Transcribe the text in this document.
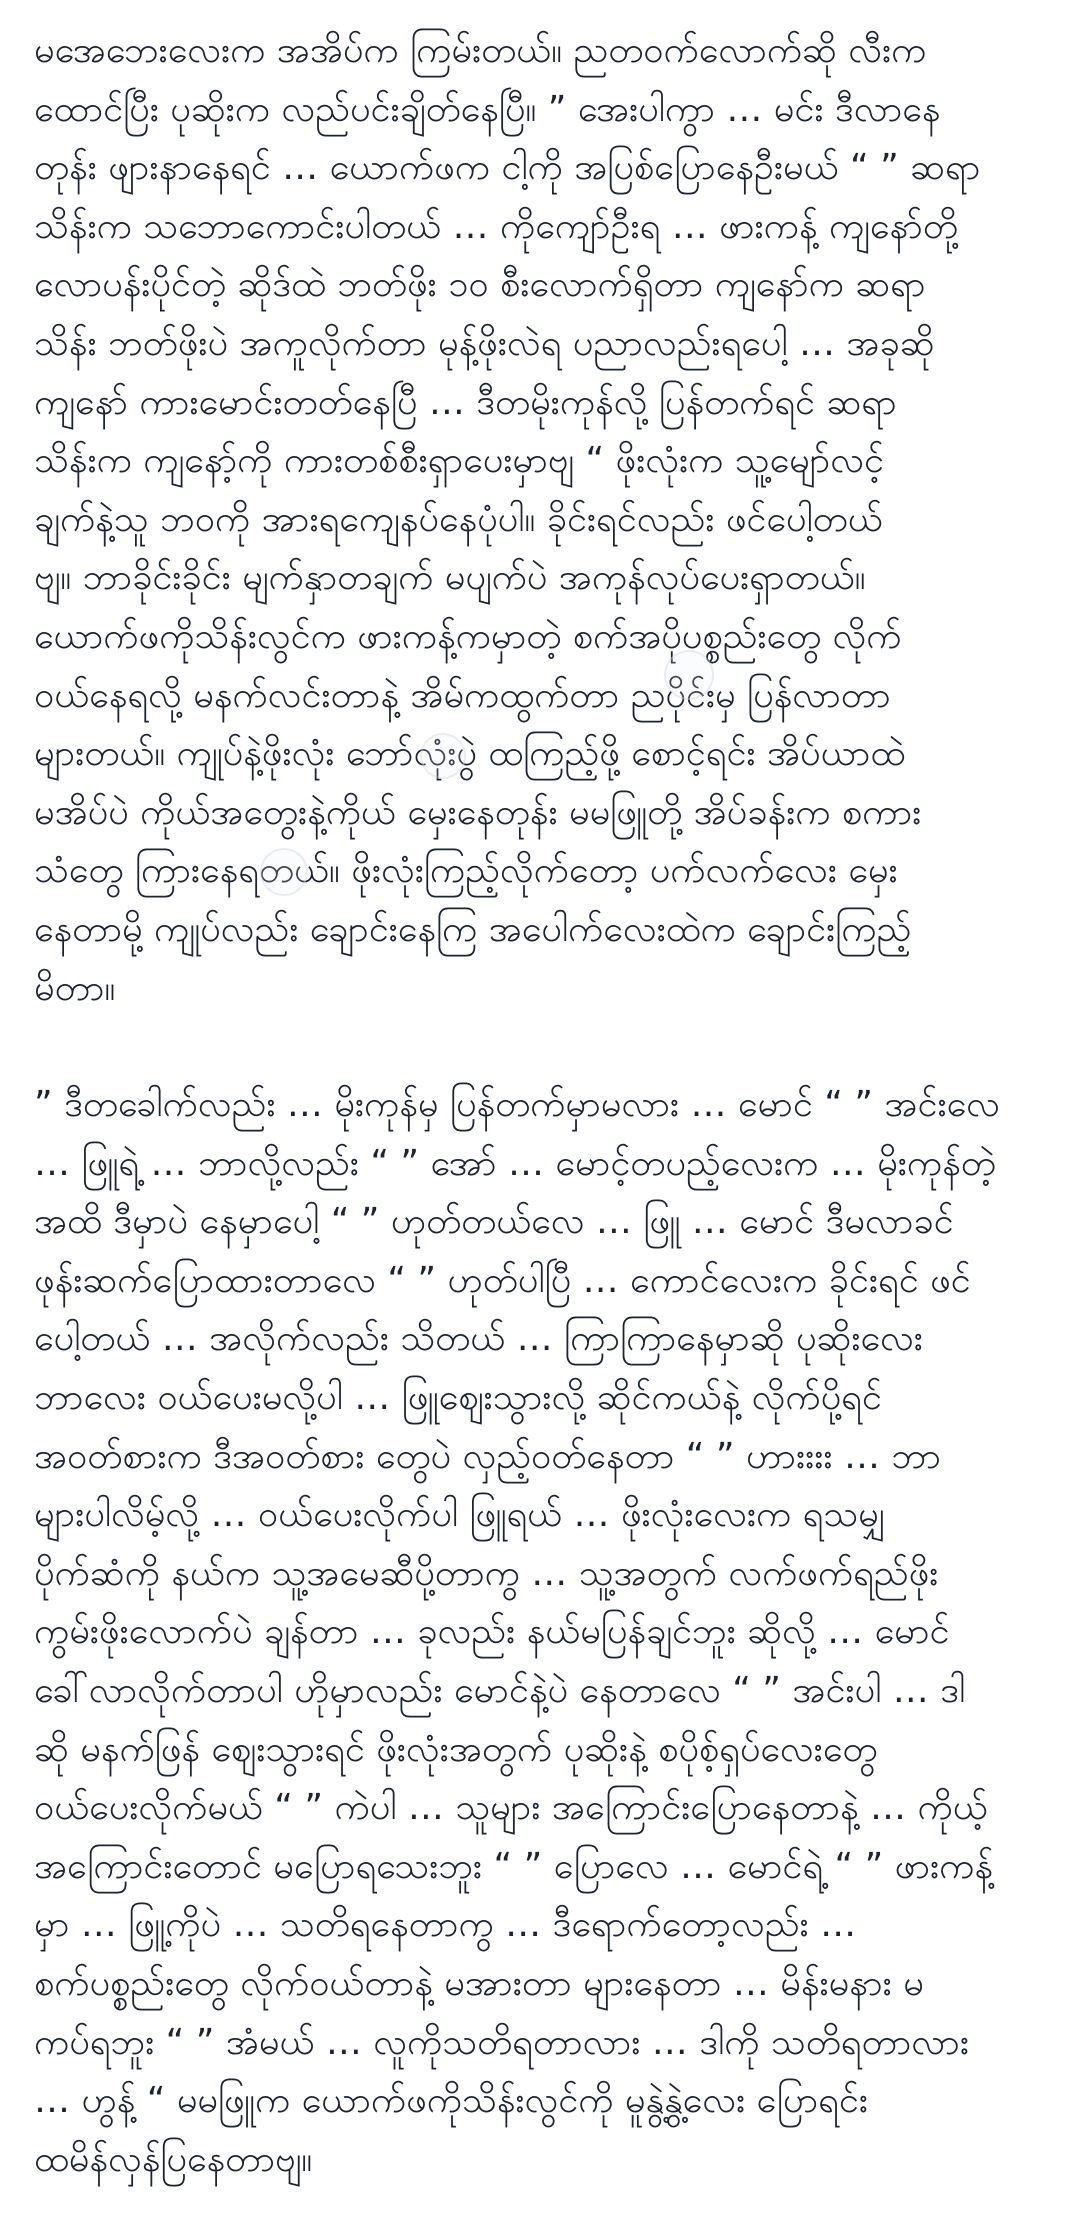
မအေဘေးလေးက အအိပ်က ကြမ်းတယ်။ ညတဝက်လောက်ဆို လီးက
ထောင်ပြီး ပုဆိုးက လည်ပင်းချိတ်နေပြီ။ ” အေးပါကွာ … မင်း ဒီလာနေ
တုန်း ဖျားနာနေရင် … ယောက်ဖက ငါ့ကို အပြစ်ပြောနေဦးမယ် “ ” ဆရာ
သိန်းက သဘောကောင်းပါတယ် … ကိုကျော်ဦးရ … ဖားကန့် ကျနော်တို့
လောပန်းပိုင်တဲ့ ဆိုဒ်ထဲ ဘတ်ဖိုး ၁၀ စီးလောက်ရှိတာ ကျနော်က ဆရာ
သိန်း ဘတ်ဖိုးပဲ အကူလိုက်တာ မုန့်ဖိုးလဲရ ပညာလည်းရပေါ့ … အခုဆို
ကျနော် ကားမောင်းတတ်နေပြီ … ဒီတမိုးကုန်လို့ ပြန်တက်ရင် ဆရာ
သိန်းက ကျနော့်ကို ကားတစ်စီးရှာပေးမှာဗျ “ ဖိုးလုံးက သူ့မျော်လင့်
ချက်နဲ့သူ ဘဝကို အားရကျေနပ်နေပုံပါ။ ခိုင်းရင်လည်း ဖင်ပေါ့တယ်
ဗျ။ ဘာခိုင်းခိုင်း မျက်နှာတချက် မပျက်ပဲ အကုန်လုပ်ပေးရှာတယ်။
ယောက်ဖကိုသိန်းလွင်က ဖားကန့်ကမှာတဲ့ စက်အပိုပစ္စည်းတွေ လိုက်
ဝယ်နေရလို့ မနက်လင်းတာနဲ့ အိမ်ကထွက်တာ ညပိုင်းမှ ပြန်လာတာ
များတယ်။ ကျုပ်နဲ့ဖိုးလုံး ဘော်လုံးပွဲ ထကြည့်ဖို့ စောင့်ရင်း အိပ်ယာထဲ
မအိပ်ပဲ ကိုယ်အတွေးနဲ့ကိုယ် မှေးနေတုန်း မမဖြူတို့ အိပ်ခန်းက စကား
သံတွေ ကြားနေရတယ်။ ဖိုးလုံးကြည့်လိုက်တော့ ပက်လက်လေး မှေး
နေတာမို့ ကျုပ်လည်း ချောင်းနေကြ အပေါက်လေးထဲက ချောင်းကြည့်
မိတာ။

” ဒီတခေါက်လည်း … မိုးကုန်မှ ပြန်တက်မှာမလား … မောင် “ ” အင်းလေ
… ဖြူရဲ့ … ဘာလို့လည်း “ ” အော် … မောင့်တပည့်လေးက … မိုးကုန်တဲ့
အထိ ဒီမှာပဲ နေမှာပေါ့ “ ” ဟုတ်တယ်လေ … ဖြူ … မောင် ဒီမလာခင်
ဖုန်းဆက်ပြောထားတာလေ “ ” ဟုတ်ပါပြီ … ကောင်လေးက ခိုင်းရင် ဖင်
ပေါ့တယ် … အလိုက်လည်း သိတယ် … ကြာကြာနေမှာဆို ပုဆိုးလေး
ဘာလေး ဝယ်ပေးမလို့ပါ … ဖြူဈေးသွားလို့ ဆိုင်ကယ်နဲ့ လိုက်ပို့ရင်
အဝတ်စားက ဒီအဝတ်စား တွေပဲ လှည့်ဝတ်နေတာ “ ” ဟားးးး … ဘာ
များပါလိမ့်လို့ … ဝယ်ပေးလိုက်ပါ ဖြူရယ် … ဖိုးလုံးလေးက ရသမျှ
ပိုက်ဆံကို နယ်က သူ့အမေဆီပို့တာကွ … သူ့အတွက် လက်ဖက်ရည်ဖိုး
ကွမ်းဖိုးလောက်ပဲ ချန်တာ … ခုလည်း နယ်မပြန်ချင်ဘူး ဆိုလို့ … မောင်
ခေါ်လာလိုက်တာပါ ဟိုမှာလည်း မောင်နဲ့ပဲ နေတာလေ “ ” အင်းပါ … ဒါ
ဆို မနက်ဖြန် ဈေးသွားရင် ဖိုးလုံးအတွက် ပုဆိုးနဲ့ စပိုစ့်ရှပ်လေးတွေ
ဝယ်ပေးလိုက်မယ် “ ” ကဲပါ … သူများ အကြောင်းပြောနေတာနဲ့ … ကိုယ့်
အကြောင်းတောင် မပြောရသေးဘူး “ ” ပြောလေ … မောင်ရဲ့ “ ” ဖားကန့်
မှာ … ဖြူ့ကိုပဲ … သတိရနေတာကွ … ဒီရောက်တော့လည်း …
စက်ပစ္စည်းတွေ လိုက်ဝယ်တာနဲ့ မအားတာ များနေတာ … မိန်းမနား မ
ကပ်ရဘူး “ ” အံမယ် … လူကိုသတိရတာလား … ဒါကို သတိရတာလား
… ဟွန့် “ မမဖြူက ယောက်ဖကိုသိန်းလွင်ကို မူနွဲ့နွဲ့လေး ပြောရင်း
ထမိန်လှန်ပြနေတာဗျ။
